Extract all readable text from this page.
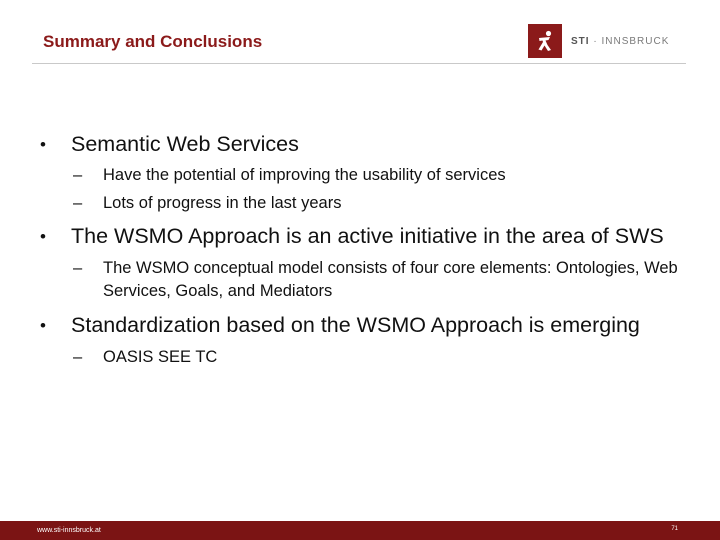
Summary and Conclusions	STI · INNSBRUCK
• Semantic Web Services
– Have the potential of improving the usability of services
– Lots of progress in the last years
• The WSMO Approach is an active initiative in the area of SWS
– The WSMO conceptual model consists of four core elements: Ontologies, Web Services, Goals, and Mediators
• Standardization based on the WSMO Approach is emerging
– OASIS SEE TC
www.sti-innsbruck.at	71
